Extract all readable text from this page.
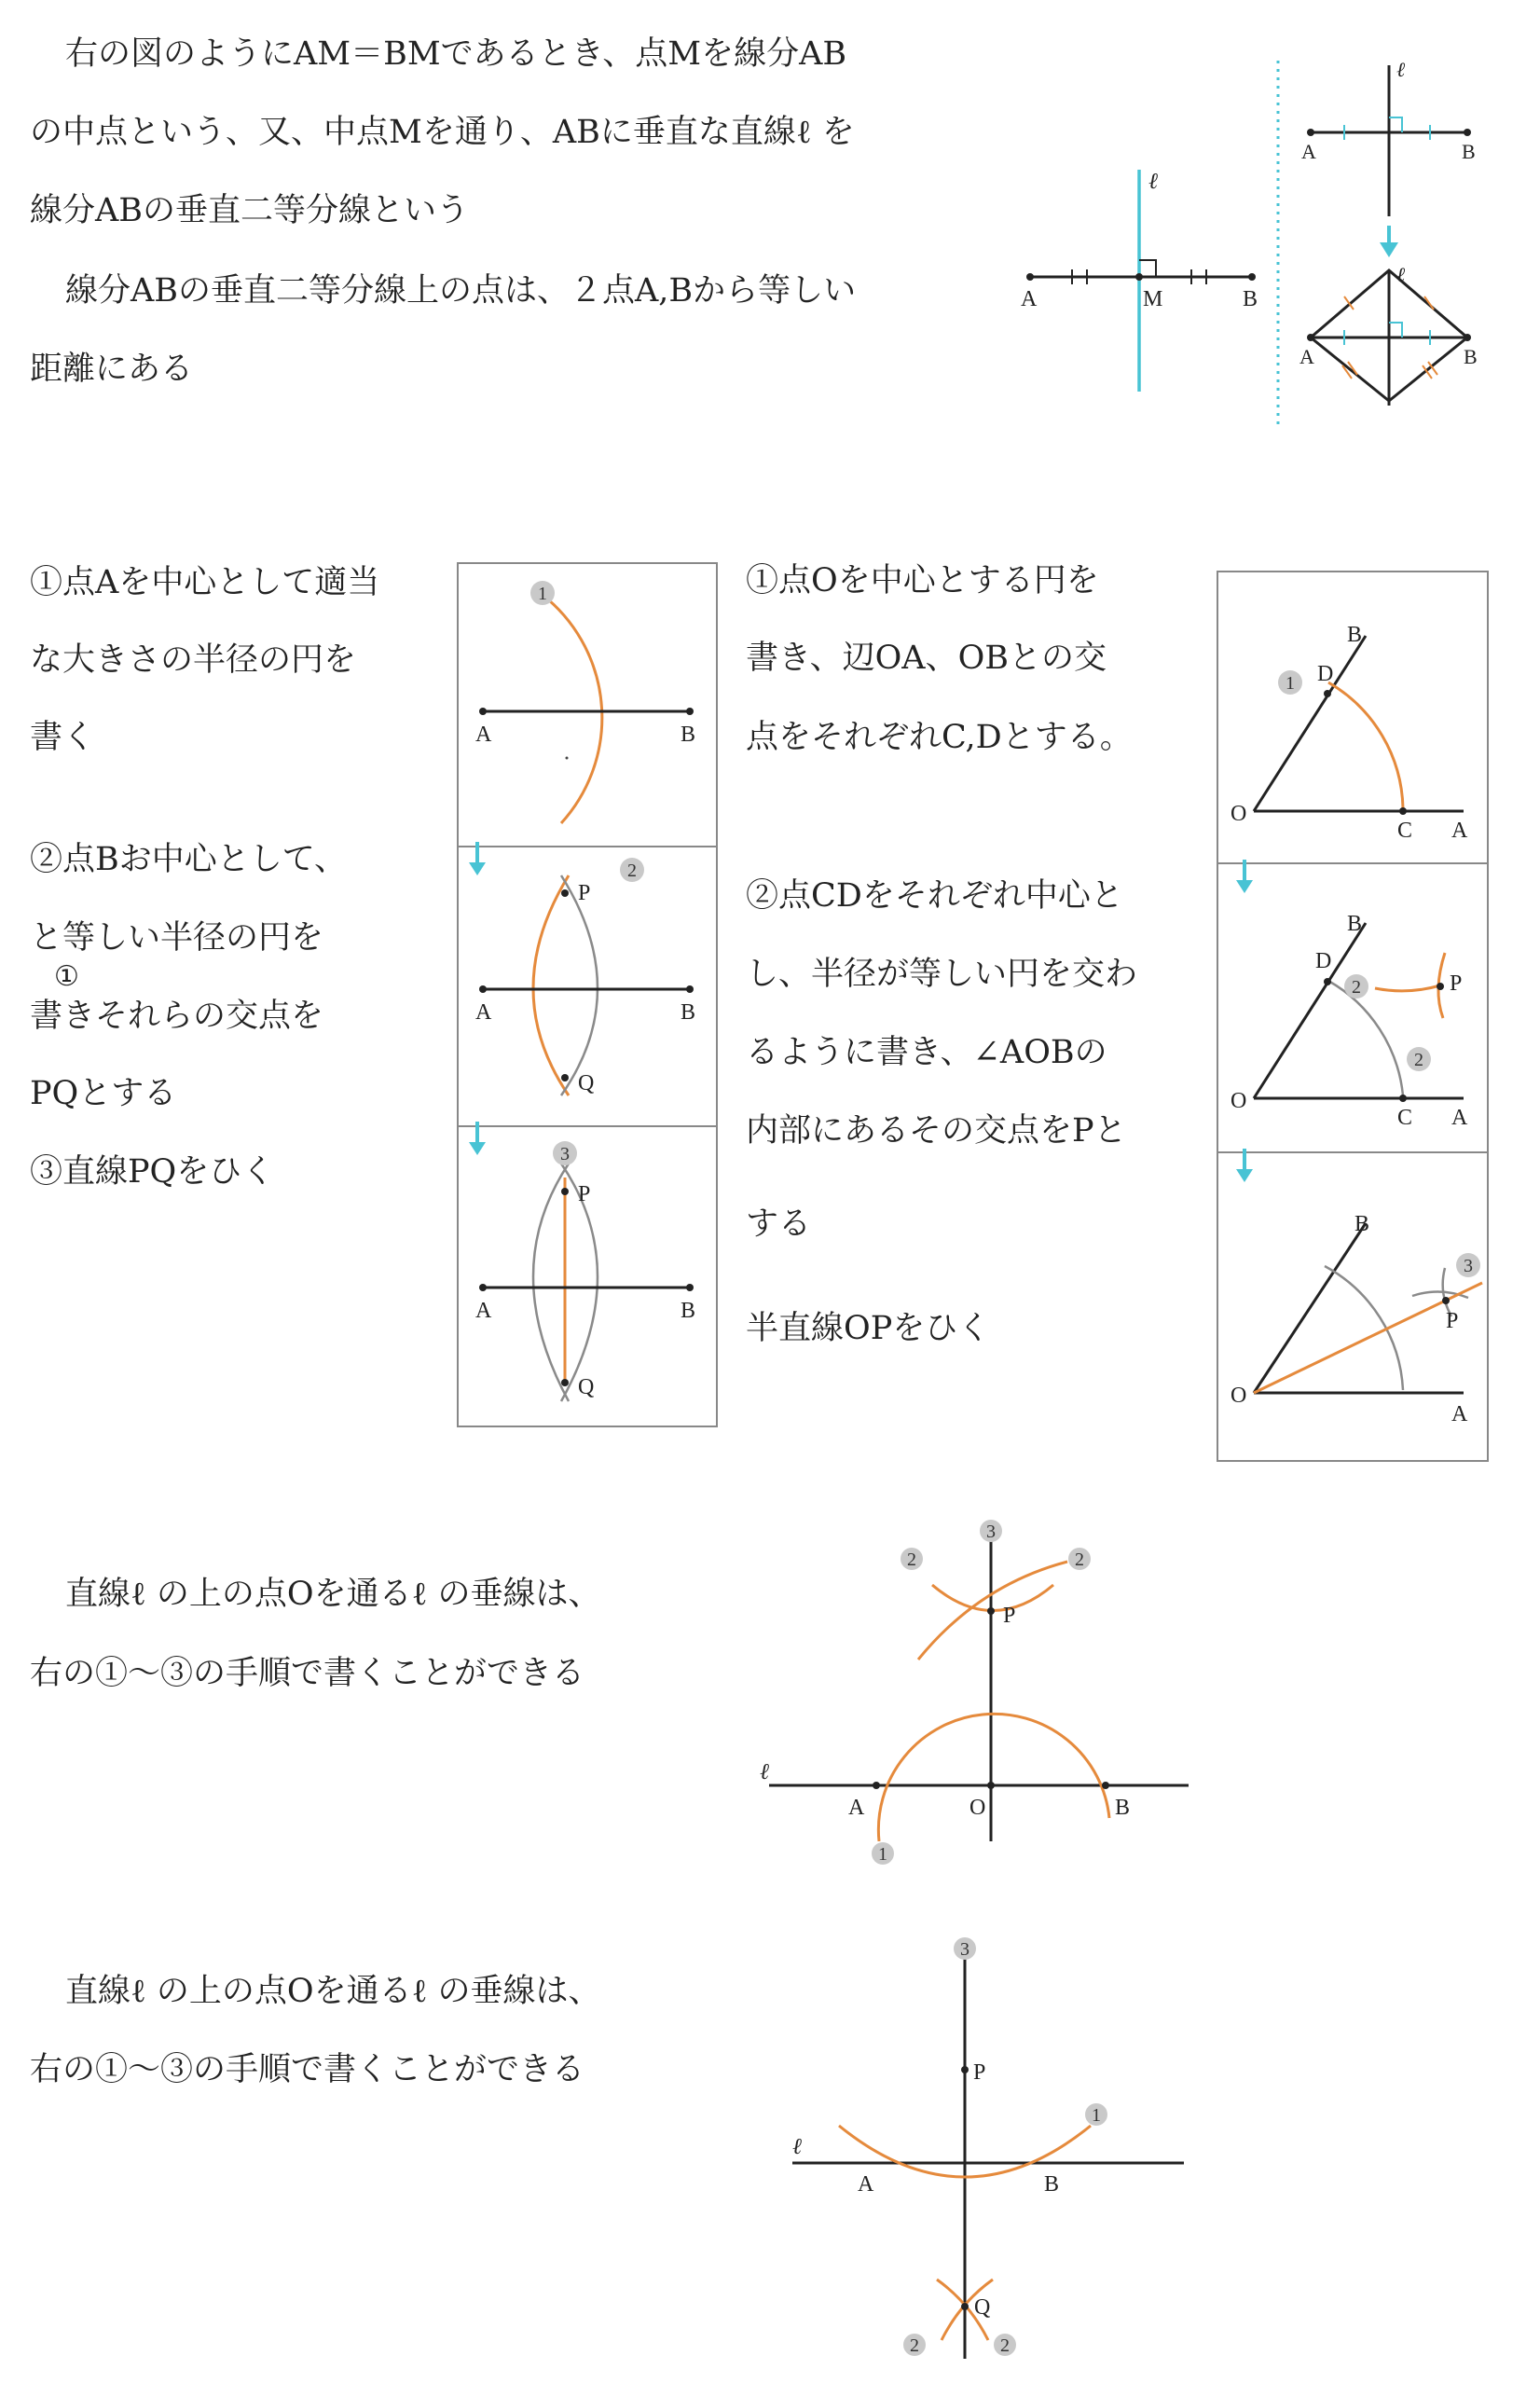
右の図のようにAM＝BMであるとき、点Mを線分AB
の中点という、又、中点Mを通り、ABに垂直な直線ℓ を
線分ABの垂直二等分線という
線分ABの垂直二等分線上の点は、２点A,Bから等しい
距離にある
ℓ
A	M	B
ℓ
A	B
ℓ
A	B
①点Aを中心として適当
な大きさの半径の円を
書く
②点Bお中心として、
と等しい半径の円を
①
書きそれらの交点を
PQとする
③直線PQをひく
1
A	B
2
P
A	B
Q
3
P
A	B
Q
①点Oを中心とする円を
書き、辺OA、OBとの交
点をそれぞれC,Dとする。
②点CDをそれぞれ中心と
し、半径が等しい円を交わ
るように書き、∠AOBの
内部にあるその交点をPと
する
半直線OPをひく
1
B
D
O
C A
2
2
B
D
P
O
C A
3
B
P
O
A
直線ℓ の上の点Oを通るℓ の垂線は、
右の①〜③の手順で書くことができる
3
2	2
1
P
ℓ
A	O	B
直線ℓ の上の点Oを通るℓ の垂線は、
右の①〜③の手順で書くことができる
3
1
2	2
P
ℓ
A	B
Q
